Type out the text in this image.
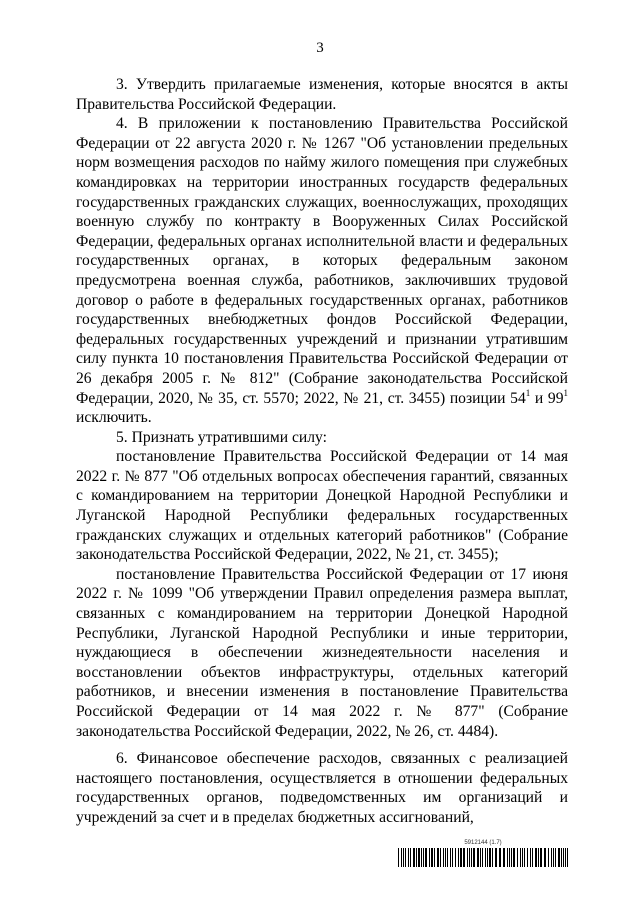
3

3. Утвердить прилагаемые изменения, которые вносятся в акты Правительства Российской Федерации.

4. В приложении к постановлению Правительства Российской Федерации от 22 августа 2020 г. № 1267 "Об установлении предельных норм возмещения расходов по найму жилого помещения при служебных командировках на территории иностранных государств федеральных государственных гражданских служащих, военнослужащих, проходящих военную службу по контракту в Вооруженных Силах Российской Федерации, федеральных органах исполнительной власти и федеральных государственных органах, в которых федеральным законом предусмотрена военная служба, работников, заключивших трудовой договор о работе в федеральных государственных органах, работников государственных внебюджетных фондов Российской Федерации, федеральных государственных учреждений и признании утратившим силу пункта 10 постановления Правительства Российской Федерации от 26 декабря 2005 г. № 812" (Собрание законодательства Российской Федерации, 2020, № 35, ст. 5570; 2022, № 21, ст. 3455) позиции $54^1$ и $99^1$ исключить.

5. Признать утратившими силу:

постановление Правительства Российской Федерации от 14 мая 2022 г. № 877 "Об отдельных вопросах обеспечения гарантий, связанных с командированием на территории Донецкой Народной Республики и Луганской Народной Республики федеральных государственных гражданских служащих и отдельных категорий работников" (Собрание законодательства Российской Федерации, 2022, № 21, ст. 3455);

постановление Правительства Российской Федерации от 17 июня 2022 г. № 1099 "Об утверждении Правил определения размера выплат, связанных с командированием на территории Донецкой Народной Республики, Луганской Народной Республики и иные территории, нуждающиеся в обеспечении жизнедеятельности населения и восстановлении объектов инфраструктуры, отдельных категорий работников, и внесении изменения в постановление Правительства Российской Федерации от 14 мая 2022 г. № 877" (Собрание законодательства Российской Федерации, 2022, № 26, ст. 4484).

6. Финансовое обеспечение расходов, связанных с реализацией настоящего постановления, осуществляется в отношении федеральных государственных органов, подведомственных им организаций и учреждений за счет и в пределах бюджетных ассигнований,

5912144 (1.7)
